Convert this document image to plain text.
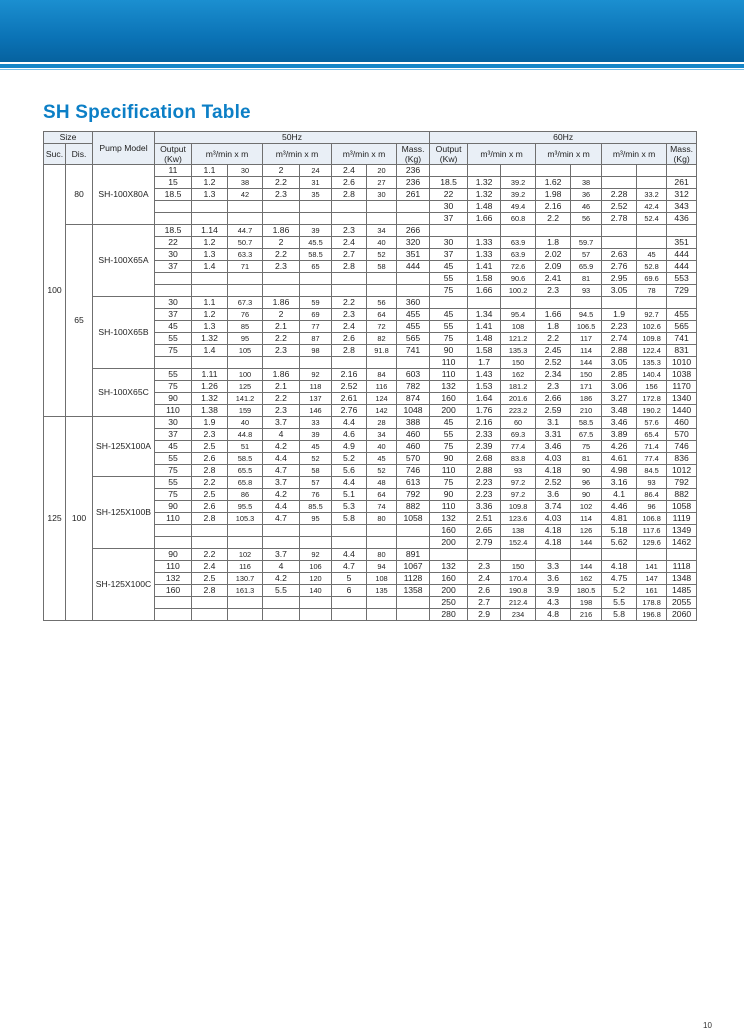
SH Specification Table
Size		Pump Model	50Hz								60Hz							
Suc.	Dis.		Output (Kw)	m³/min x m		m³/min x m		m³/min x m		Mass. (Kg)	Output (Kw)	m³/min x m		m³/min x m		m³/min x m		Mass. (Kg)
100	80	SH-100X80A	11	1.1	30	2	24	2.4	20	236								
			15	1.2	38	2.2	31	2.6	27	236	18.5	1.32	39.2	1.62	38			261
			18.5	1.3	42	2.3	35	2.8	30	261	22	1.32	39.2	1.98	36	2.28	33.2	312
											30	1.48	49.4	2.16	46	2.52	42.4	343
											37	1.66	60.8	2.2	56	2.78	52.4	436
	65	SH-100X65A	18.5	1.14	44.7	1.86	39	2.3	34	266								
			22	1.2	50.7	2	45.5	2.4	40	320	30	1.33	63.9	1.8	59.7			351
			30	1.3	63.3	2.2	58.5	2.7	52	351	37	1.33	63.9	2.02	57	2.63	45	444
			37	1.4	71	2.3	65	2.8	58	444	45	1.41	72.6	2.09	65.9	2.76	52.8	444
											55	1.58	90.6	2.41	81	2.95	69.6	553
											75	1.66	100.2	2.3	93	3.05	78	729
		SH-100X65B	30	1.1	67.3	1.86	59	2.2	56	360								
			37	1.2	76	2	69	2.3	64	455	45	1.34	95.4	1.66	94.5	1.9	92.7	455
			45	1.3	85	2.1	77	2.4	72	455	55	1.41	108	1.8	106.5	2.23	102.6	565
			55	1.32	95	2.2	87	2.6	82	565	75	1.48	121.2	2.2	117	2.74	109.8	741
			75	1.4	105	2.3	98	2.8	91.8	741	90	1.58	135.3	2.45	114	2.88	122.4	831
											110	1.7	150	2.52	144	3.05	135.3	1010
		SH-100X65C	55	1.11	100	1.86	92	2.16	84	603	110	1.43	162	2.34	150	2.85	140.4	1038
			75	1.26	125	2.1	118	2.52	116	782	132	1.53	181.2	2.3	171	3.06	156	1170
			90	1.32	141.2	2.2	137	2.61	124	874	160	1.64	201.6	2.66	186	3.27	172.8	1340
			110	1.38	159	2.3	146	2.76	142	1048	200	1.76	223.2	2.59	210	3.48	190.2	1440
125	100	SH-125X100A	30	1.9	40	3.7	33	4.4	28	388	45	2.16	60	3.1	58.5	3.46	57.6	460
			37	2.3	44.8	4	39	4.6	34	460	55	2.33	69.3	3.31	67.5	3.89	65.4	570
			45	2.5	51	4.2	45	4.9	40	460	75	2.39	77.4	3.46	75	4.26	71.4	746
			55	2.6	58.5	4.4	52	5.2	45	570	90	2.68	83.8	4.03	81	4.61	77.4	836
			75	2.8	65.5	4.7	58	5.6	52	746	110	2.88	93	4.18	90	4.98	84.5	1012
		SH-125X100B	55	2.2	65.8	3.7	57	4.4	48	613	75	2.23	97.2	2.52	96	3.16	93	792
			75	2.5	86	4.2	76	5.1	64	792	90	2.23	97.2	3.6	90	4.1	86.4	882
			90	2.6	95.5	4.4	85.5	5.3	74	882	110	3.36	109.8	3.74	102	4.46	96	1058
			110	2.8	105.3	4.7	95	5.8	80	1058	132	2.51	123.6	4.03	114	4.81	106.8	1119
											160	2.65	138	4.18	126	5.18	117.6	1349
											200	2.79	152.4	4.18	144	5.62	129.6	1462
		SH-125X100C	90	2.2	102	3.7	92	4.4	80	891								
			110	2.4	116	4	106	4.7	94	1067	132	2.3	150	3.3	144	4.18	141	1118
			132	2.5	130.7	4.2	120	5	108	1128	160	2.4	170.4	3.6	162	4.75	147	1348
			160	2.8	161.3	5.5	140	6	135	1358	200	2.6	190.8	3.9	180.5	5.2	161	1485
											250	2.7	212.4	4.3	198	5.5	178.8	2055
											280	2.9	234	4.8	216	5.8	196.8	2060
10
